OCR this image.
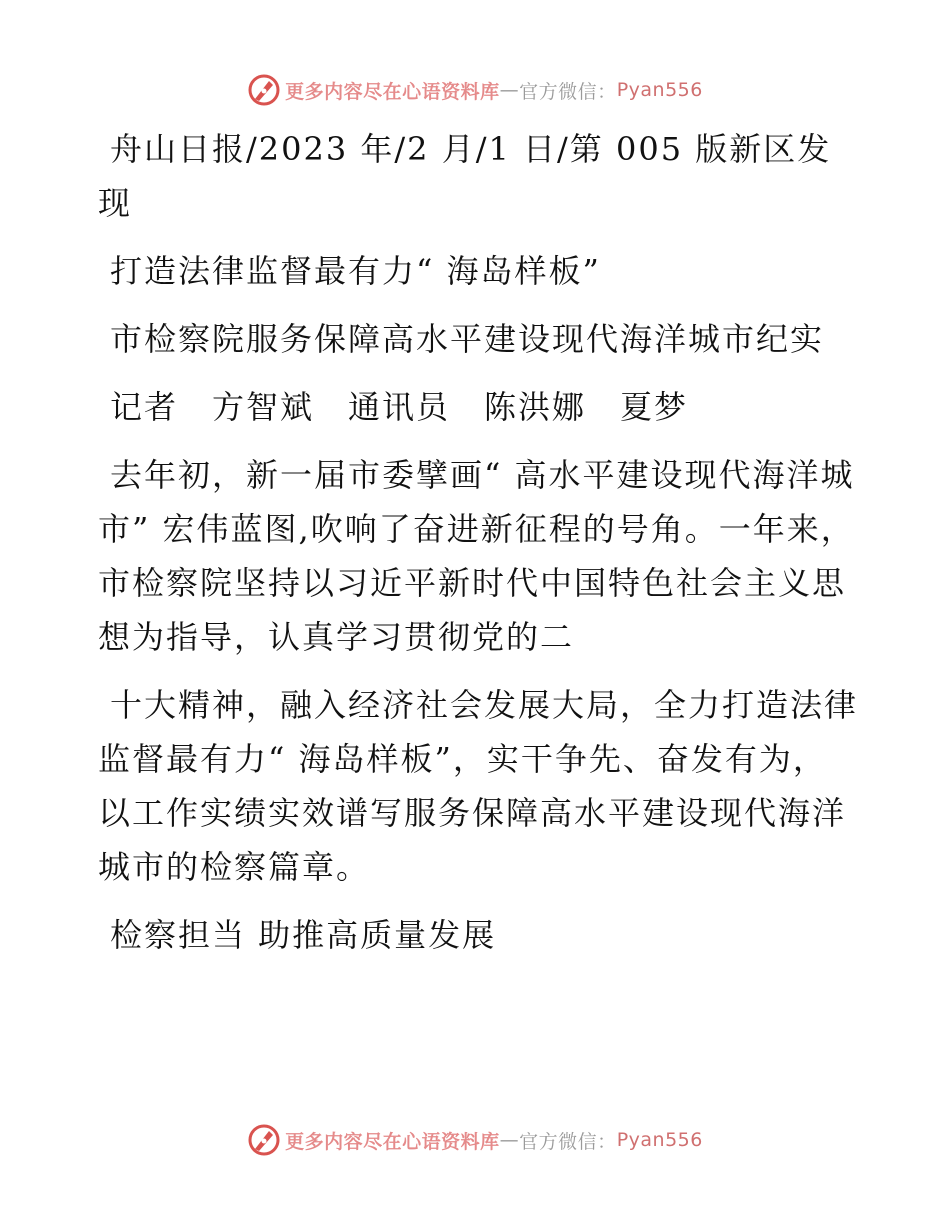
更多内容尽在心语资料库 — 官方微信： Pyan556

舟山日报/2023 年/2 月/1 日/第 005 版新区发现

打造法律监督最有力“ 海岛样板”

市检察院服务保障高水平建设现代海洋城市纪实

记者　方智斌　通讯员　陈洪娜　夏梦

去年初，新一届市委擘画“ 高水平建设现代海洋城市” 宏伟蓝图,吹响了奋进新征程的号角。一年来，市检察院坚持以习近平新时代中国特色社会主义思想为指导，认真学习贯彻党的二

十大精神，融入经济社会发展大局，全力打造法律监督最有力“ 海岛样板”，实干争先、奋发有为，以工作实绩实效谱写服务保障高水平建设现代海洋城市的检察篇章。

检察担当 助推高质量发展

更多内容尽在心语资料库 — 官方微信： Pyan556
